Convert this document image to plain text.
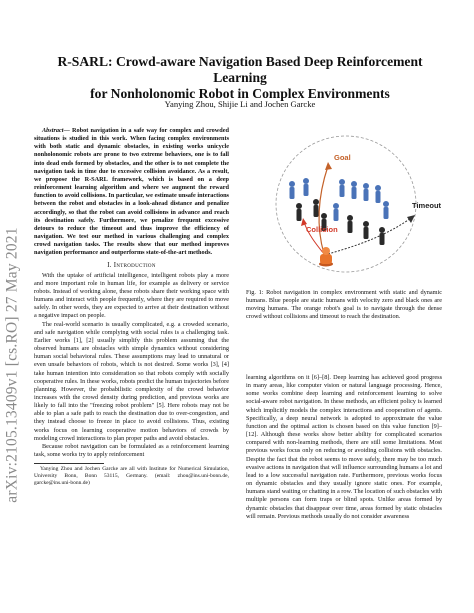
arXiv:2105.13409v1 [cs.RO] 27 May 2021
R-SARL: Crowd-aware Navigation Based Deep Reinforcement Learning
for Nonholonomic Robot in Complex Environments
Yanying Zhou, Shijie Li and Jochen Garcke

Abstract— Robot navigation in a safe way for complex and crowded situations is studied in this work. When facing complex environments with both static and dynamic obstacles, in existing works unicycle nonholonomic robots are prone to two extreme behaviors, one is to fall into dead ends formed by obstacles, and the other is to not complete the navigation task in time due to excessive collision avoidance. As a result, we propose the R-SARL framework, which is based on a deep reinforcement learning algorithm and where we augment the reward function to avoid collisions. In particular, we estimate unsafe interactions between the robot and obstacles in a look-ahead distance and penalize accordingly, so that the robot can avoid collisions in advance and reach its destination safely. Furthermore, we penalize frequent excessive detours to reduce the timeout and thus improve the efficiency of navigation. We test our method in various challenging and complex crowd navigation tasks. The results show that our method improves navigation performance and outperforms state-of-the-art methods.

I. Introduction

With the uptake of artificial intelligence, intelligent robots play a more and more important role in human life, for example as delivery or service robots. Instead of working alone, these robots share their working space with humans and interact with people frequently, where they are required to move safely. In other words, they are expected to arrive at their destination without a negative impact on people.

The real-world scenario is usually complicated, e.g. a crowded scenario, and safe navigation while complying with social rules is a challenging task. Earlier works [1], [2] usually simplify this problem assuming that the observed humans are obstacles with simple dynamics without considering human social behavioral rules. These assumptions may lead to unnatural or even unsafe behaviors of robots, which is not desired. Some works [3], [4] take human intention into consideration so that robots comply with socially cooperative rules. In these works, robots predict the human trajectories before planning. However, the probabilistic complexity of the crowd behavior increases with the crowd density during prediction, and previous works are likely to fall into the "freezing robot problem" [5]. Here robots may not be able to plan a safe path to reach the destination due to over-congestion, and they instead choose to freeze in place to avoid collisions. Thus, existing works focus on learning cooperative motion behaviors of crowds by modeling crowd interactions to plan proper paths and avoid obstacles.

Because robot navigation can be formulated as a reinforcement learning task, some works try to apply reinforcement

Yanying Zhou and Jochen Garcke are all with Institute for Numerical Simulation, University Bonn, Bonn 53115, Germany. (email: zhou@ins.uni-bonn.de, garcke@ins.uni-bonn.de)

Goal
Timeout
Collision

Fig. 1: Robot navigation in complex environment with static and dynamic humans. Blue people are static humans with velocity zero and black ones are moving humans. The orange robot's goal is to navigate through the dense crowd without collisions and timeout to reach the destination.

learning algorithms on it [6]–[8]. Deep learning has achieved good progress in many areas, like computer vision or natural language processing. Hence, some works combine deep learning and reinforcement learning to solve social-aware robot navigation. In these methods, an efficient policy is learned which implicitly models the complex interactions and cooperation of agents. Specifically, a deep neural network is adopted to approximate the value function and the optimal action is chosen based on this value function [9]–[12]. Although these works show better ability for complicated scenarios compared with non-learning methods, there are still some limitations. Most previous works focus only on reducing or avoiding collisions with obstacles. Despite the fact that the robot seems to move safely, there may be too much evasive actions in navigation that will influence surrounding humans a lot and lead to a low successful navigation rate. Furthermore, previous works focus on dynamic obstacles and they usually ignore static ones. For example, humans stand waiting or chatting in a row. The location of such obstacles with multiple persons can form traps or blind spots. Unlike areas formed by dynamic obstacles that disappear over time, areas formed by static obstacles will remain. Previous methods usually do not consider awareness
